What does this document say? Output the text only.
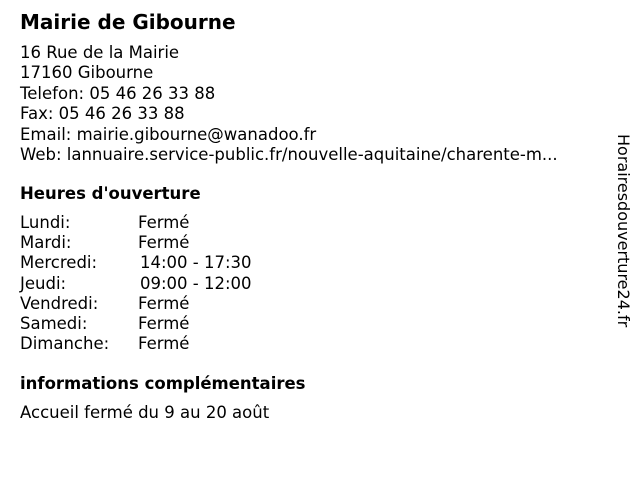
Mairie de Gibourne
16 Rue de la Mairie
17160 Gibourne
Telefon: 05 46 26 33 88
Fax: 05 46 26 33 88
Email: mairie.gibourne@wanadoo.fr
Web: lannuaire.service-public.fr/nouvelle-aquitaine/charente-m...
Heures d'ouverture
Lundi:	Fermé
Mardi:	Fermé
Mercredi:	14:00 - 17:30
Jeudi:	09:00 - 12:00
Vendredi:	Fermé
Samedi:	Fermé
Dimanche:	Fermé
informations complémentaires
Accueil fermé du 9 au 20 août
Horairesdouverture24.fr
